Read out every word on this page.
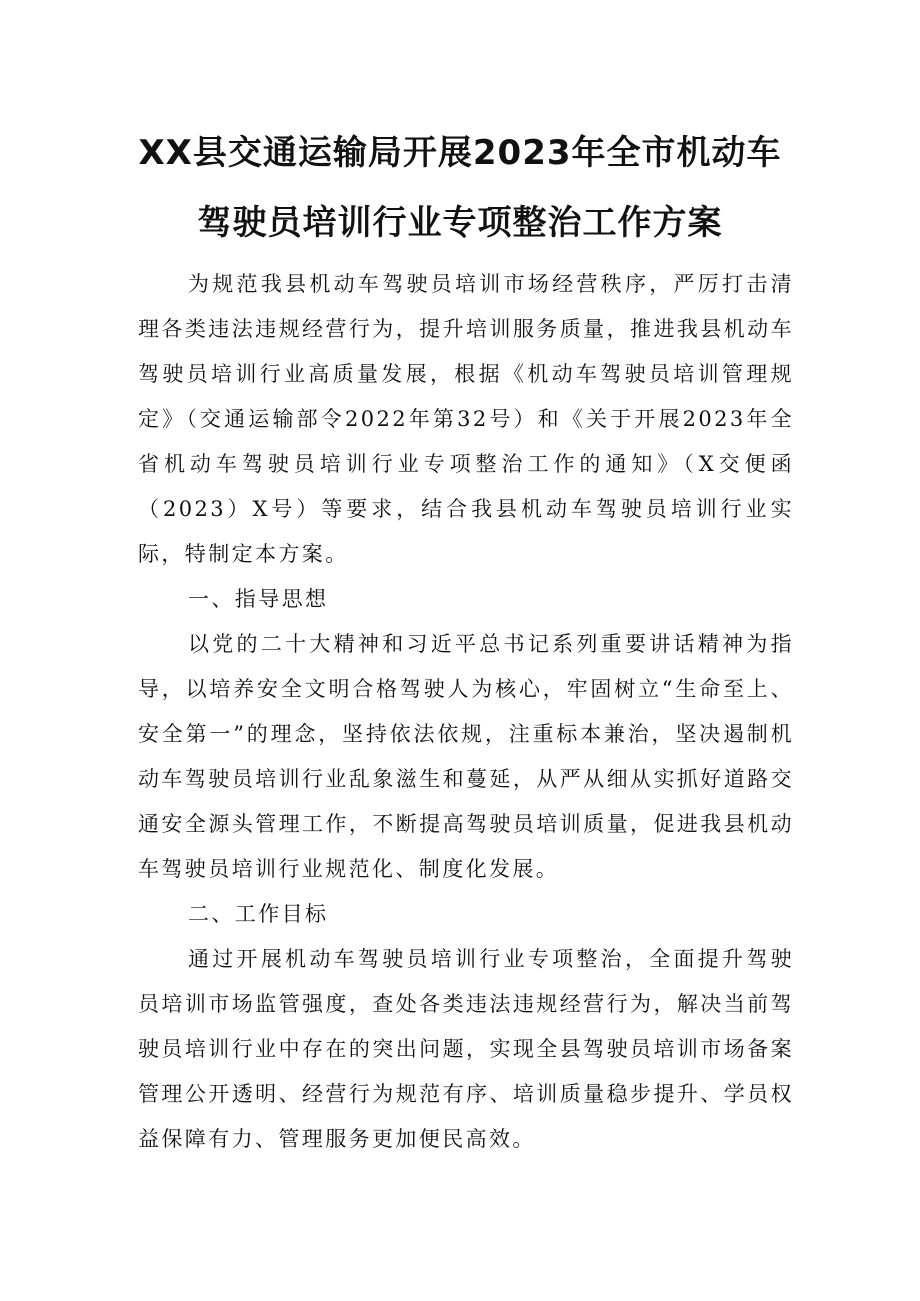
XX县交通运输局开展2023年全市机动车
驾驶员培训行业专项整治工作方案

为规范我县机动车驾驶员培训市场经营秩序，严厉打击清理各类违法违规经营行为，提升培训服务质量，推进我县机动车驾驶员培训行业高质量发展，根据《机动车驾驶员培训管理规定》（交通运输部令2022年第32号）和《关于开展2023年全省机动车驾驶员培训行业专项整治工作的通知》（X交便函（2023）X号）等要求，结合我县机动车驾驶员培训行业实际，特制定本方案。

一、指导思想

以党的二十大精神和习近平总书记系列重要讲话精神为指导，以培养安全文明合格驾驶人为核心，牢固树立“生命至上、安全第一”的理念，坚持依法依规，注重标本兼治，坚决遏制机动车驾驶员培训行业乱象滋生和蔓延，从严从细从实抓好道路交通安全源头管理工作，不断提高驾驶员培训质量，促进我县机动车驾驶员培训行业规范化、制度化发展。

二、工作目标

通过开展机动车驾驶员培训行业专项整治，全面提升驾驶员培训市场监管强度，查处各类违法违规经营行为，解决当前驾驶员培训行业中存在的突出问题，实现全县驾驶员培训市场备案管理公开透明、经营行为规范有序、培训质量稳步提升、学员权益保障有力、管理服务更加便民高效。
